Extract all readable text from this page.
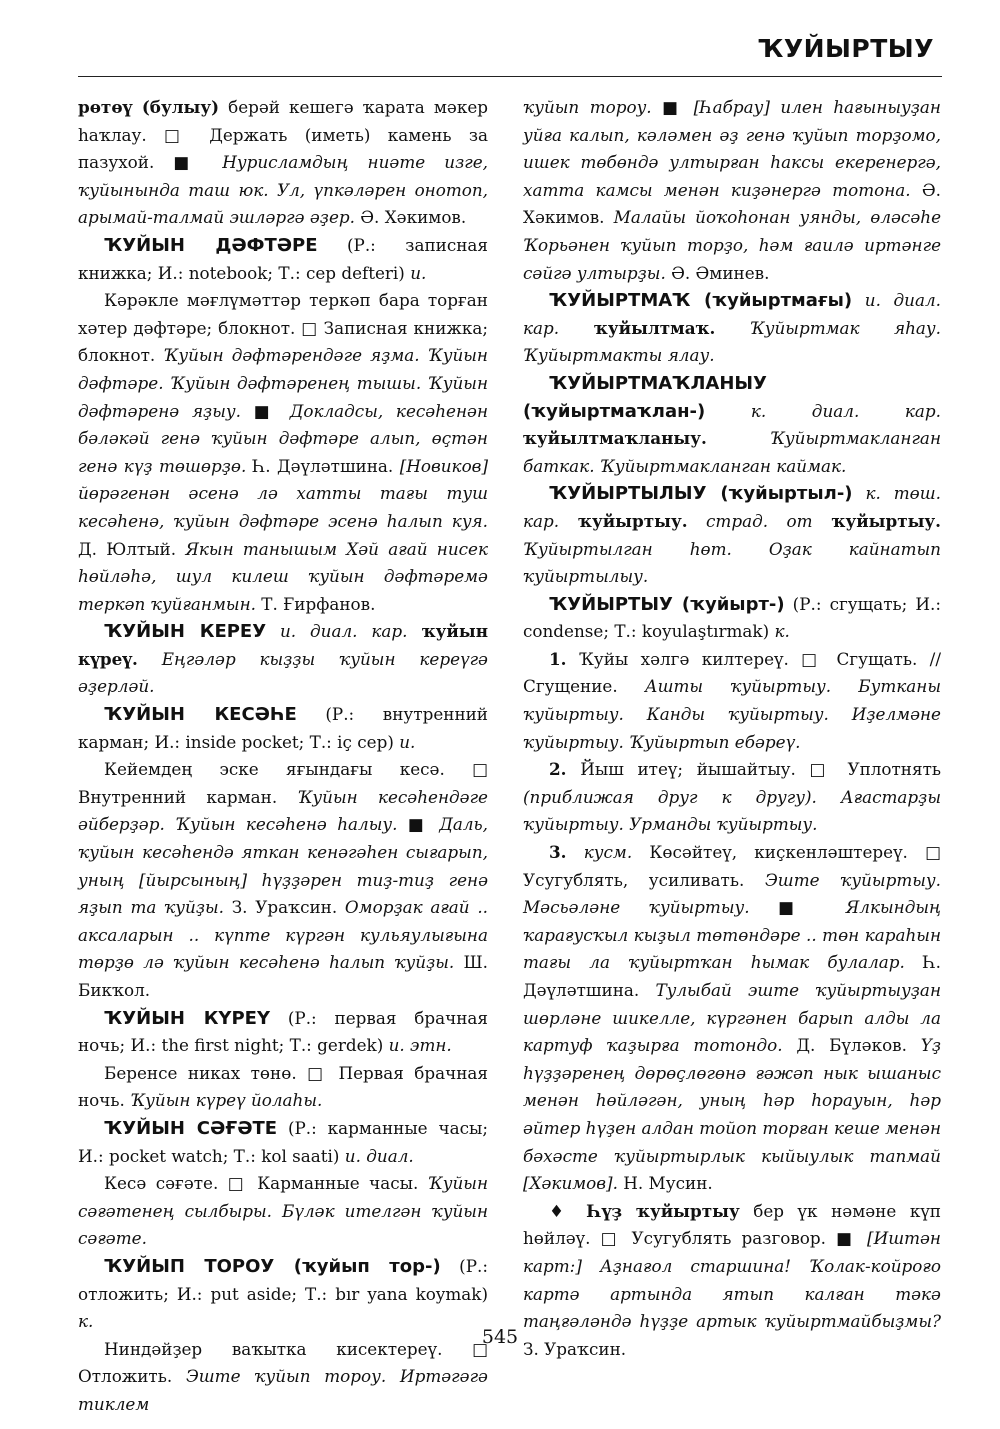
ҠУЙЫРТЫУ

рөтөү (булыу) берәй кешегә ҡарата мәкер һаҡлау. □ Держать (иметь) камень за пазухой. ■ Нурисламдың ниәте изге, ҡуйынында таш юк. Ул, үпкәләрен онотоп, арымай-талмай эшләргә әҙер. Ә. Хәкимов.

ҠУЙЫН ДӘФТӘРЕ (Р.: записная книжка; И.: notebook; Т.: cep defteri) и.

Кәрәкле мәғлүмәттәр теркәп бара торған хәтер дәфтәре; блокнот. □ Записная книжка; блокнот. Ҡуйын дәфтәрендәге яҙма. Ҡуйын дәфтәре. Ҡуйын дәфтәренең тышы. Ҡуйын дәфтәренә яҙыу. ■ Докладсы, кесәһенән бәләкәй генә ҡуйын дәфтәре алып, өҫтән генә күҙ төшөрҙө. Һ. Дәүләтшина. [Новиков] йөрәгенән әсенә лә хатты тағы туш кесәһенә, ҡуйын дәфтәре эсенә һалып куя. Д. Юлтый. Якын танышым Хәй ағай нисек һөйләһә, шул килеш ҡуйын дәфтәремә теркәп ҡуйғанмын. Т. Ғирфанов.

ҠУЙЫН КЕРЕУ и. диал. кар. ҡуйын күреү. Еңгәләр кыҙҙы ҡуйын кереүгә әҙерләй.

ҠУЙЫН КЕСӘҺЕ (Р.: внутренний карман; И.: inside pocket; Т.: iç cep) и.

Кейемдең эске яғындағы кесә. □ Внутренний карман. Ҡуйын кесәһендәге әйберҙәр. Ҡуйын кесәһенә һалыу. ■ Даль, ҡуйын кесәһендә яткан кенәгәһен сығарып, уның [йырсының] һүҙҙәрен тиҙ-тиҙ генә яҙып та ҡуйҙы. З. Ураҡсин. Оморҙак ағай .. аксаларын .. күпте күргән кульяулығына төрҙө лә ҡуйын кесәһенә һалып ҡуйҙы. Ш. Бикҡол.

ҠУЙЫН КҮРЕҮ (Р.: первая брачная ночь; И.: the first night; Т.: gerdek) и. этн.

Беренсе никах төнө. □ Первая брачная ночь. Ҡуйын күреү йолаһы.

ҠУЙЫН СӘҒӘТЕ (Р.: карманные часы; И.: pocket watch; Т.: kol saati) и. диал.

Кесә сәғәте. □ Карманные часы. Ҡуйын сәғәтенең сылбыры. Бүләк ителгән ҡуйын сәғәте.

ҠУЙЫП ТОРОУ (ҡуйып тор-) (Р.: отложить; И.: put aside; Т.: bır yana koymak) к.

Ниндәйҙер ваҡытка кисектереү. □ Отложить. Эште ҡуйып тороу. Иртәгәгә тиклем

ҡуйып тороу. ■ [Һабрау] илен һағыныуҙан уйға калып, кәләмен әҙ генә ҡуйып торҙомо, ишек төбөндә ултырған һаксы екеренергә, хатта камсы менән киҙәнергә тотона. Ә. Хәкимов. Малайы йоҡоһонан уянды, өләсәһе Ҡорьәнен ҡуйып торҙо, һәм ғаилә иртәнге сәйгә ултырҙы. Ә. Әминев.

ҠУЙЫРТМАҠ (ҡуйыртмағы) и. диал. кар. ҡуйылтмаҡ. Ҡуйыртмак яһау. Ҡуйыртмакты ялау.

ҠУЙЫРТМАҠЛАНЫУ (ҡуйыртмаҡлан-)	к. диал. кар. ҡуйылтмаҡланыу.	Ҡуйыртмакланган баткак. Ҡуйыртмакланган каймак.

ҠУЙЫРТЫЛЫУ (ҡуйыртыл-) к. төш. кар. ҡуйыртыу. страд. от ҡуйыртыу. Ҡуйыртылган һөт. Оҙак кайнатып ҡуйыртылыу.

ҠУЙЫРТЫУ (ҡуйырт-) (Р.: сгущать; И.: condense; Т.: koyulaştırmak) к.

1. Ҡуйы хәлгә килтереү. □ Сгущать. // Сгущение. Ашты ҡуйыртыу. Бутканы ҡуйыртыу. Канды ҡуйыртыу. Иҙелмәне ҡуйыртыу. Ҡуйыртып ебәреү.

2. Йыш итеү; йышайтыу. □ Уплотнять (приближая друг к другу). Ағастарҙы ҡуйыртыу. Урманды ҡуйыртыу.

3. кусм. Көсәйтеү, киҫкенләштереү. □ Усугублять, усиливать. Эште ҡуйыртыу. Мәсьәләне ҡуйыртыу. ■ Ялкындың ҡарағусҡыл кыҙыл төтөндәре .. төн караһын тағы ла ҡуйыртҡан һымак булалар. Һ. Дәүләтшина. Тулыбай эште ҡуйыртыуҙан шөрләне шикелле, күргәнен барып алды ла картуф ҡаҙырға тотондо. Д. Бүләков. Үҙ һүҙҙәренең дөрөҫлөгөнә ғәжәп нык ышаныс менән һөйләгән, уның һәр һорауын, һәр әйтер һүҙен алдан тойоп торған кеше менән бәхәсте ҡуйыртырлык кыйыулык тапмай [Хәкимов]. Н. Мусин.

♦ Һүҙ ҡуйыртыу бер үк нәмәне күп һөйләү. □ Усугублять разговор. ■ [Иштән карт:] Аҙнағол старшина! Ҡолак-койроғо картә артында ятып калған тәкә таңғәләндә һүҙҙе артык ҡуйыртмайбыҙмы? З. Ураҡсин.

545
